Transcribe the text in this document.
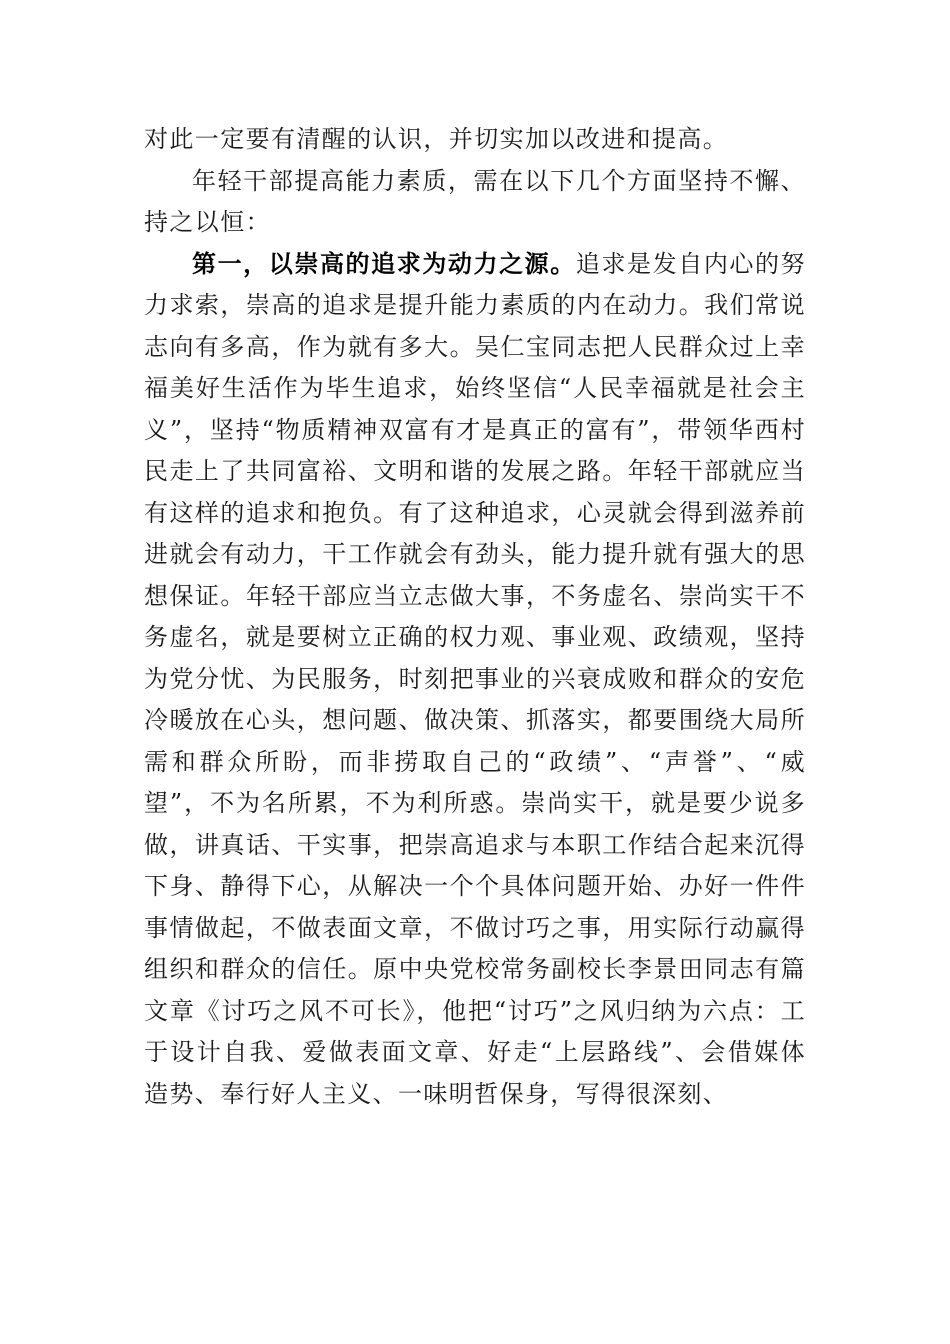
对此一定要有清醒的认识，并切实加以改进和提高。

年轻干部提高能力素质，需在以下几个方面坚持不懈、持之以恒：

第一，以崇高的追求为动力之源。追求是发自内心的努力求索，崇高的追求是提升能力素质的内在动力。我们常说志向有多高，作为就有多大。吴仁宝同志把人民群众过上幸福美好生活作为毕生追求，始终坚信“人民幸福就是社会主义”，坚持“物质精神双富有才是真正的富有”，带领华西村民走上了共同富裕、文明和谐的发展之路。年轻干部就应当有这样的追求和抱负。有了这种追求，心灵就会得到滋养前进就会有动力，干工作就会有劲头，能力提升就有强大的思想保证。年轻干部应当立志做大事，不务虚名、崇尚实干不务虚名，就是要树立正确的权力观、事业观、政绩观，坚持为党分忧、为民服务，时刻把事业的兴衰成败和群众的安危冷暖放在心头，想问题、做决策、抓落实，都要围绕大局所需和群众所盼，而非捞取自己的“政绩”、“声誉”、“威望”，不为名所累，不为利所惑。崇尚实干，就是要少说多做，讲真话、干实事，把崇高追求与本职工作结合起来沉得下身、静得下心，从解决一个个具体问题开始、办好一件件事情做起，不做表面文章，不做讨巧之事，用实际行动赢得组织和群众的信任。原中央党校常务副校长李景田同志有篇文章《讨巧之风不可长》，他把“讨巧”之风归纳为六点：工于设计自我、爱做表面文章、好走“上层路线”、会借媒体造势、奉行好人主义、一味明哲保身，写得很深刻、
